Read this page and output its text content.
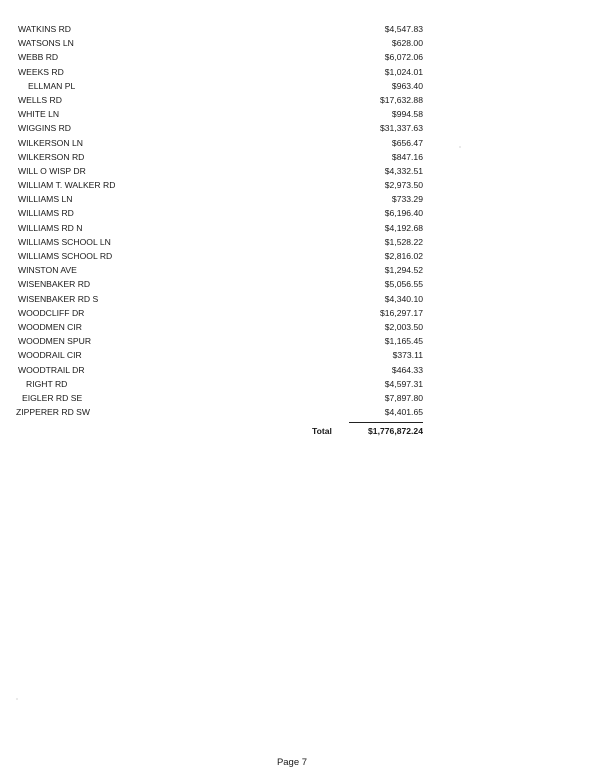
WATKINS RD	$4,547.83
WATSONS LN	$628.00
WEBB RD	$6,072.06
WEEKS RD	$1,024.01
ELLMAN PL	$963.40
WELLS RD	$17,632.88
WHITE LN	$994.58
WIGGINS RD	$31,337.63
WILKERSON LN	$656.47
WILKERSON RD	$847.16
WILL O WISP DR	$4,332.51
WILLIAM T. WALKER RD	$2,973.50
WILLIAMS LN	$733.29
WILLIAMS RD	$6,196.40
WILLIAMS RD N	$4,192.68
WILLIAMS SCHOOL LN	$1,528.22
WILLIAMS SCHOOL RD	$2,816.02
WINSTON AVE	$1,294.52
WISENBAKER RD	$5,056.55
WISENBAKER RD S	$4,340.10
WOODCLIFF DR	$16,297.17
WOODMEN CIR	$2,003.50
WOODMEN SPUR	$1,165.45
WOODRAIL CIR	$373.11
WOODTRAIL DR	$464.33
RIGHT RD	$4,597.31
EIGLER RD SE	$7,897.80
ZIPPERER RD SW	$4,401.65
Total	$1,776,872.24
Page 7
